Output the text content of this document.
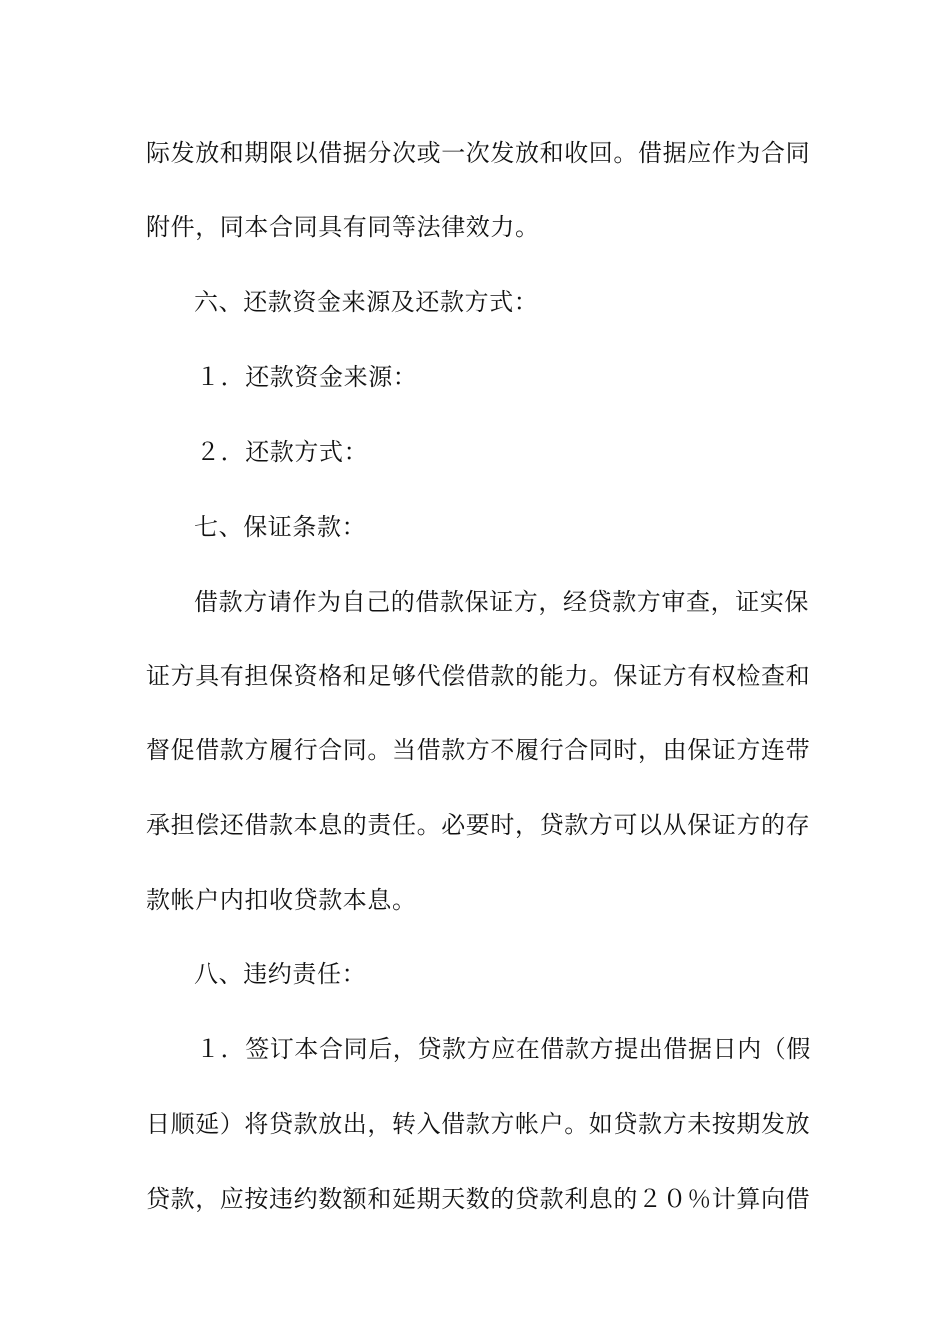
际发放和期限以借据分次或一次发放和收回。借据应作为合同
附件，同本合同具有同等法律效力。
六、还款资金来源及还款方式：
１．还款资金来源：
２．还款方式：
七、保证条款：
借款方请作为自己的借款保证方，经贷款方审查，证实保
证方具有担保资格和足够代偿借款的能力。保证方有权检查和
督促借款方履行合同。当借款方不履行合同时，由保证方连带
承担偿还借款本息的责任。必要时，贷款方可以从保证方的存
款帐户内扣收贷款本息。
八、违约责任：
１．签订本合同后，贷款方应在借款方提出借据日内（假
日顺延）将贷款放出，转入借款方帐户。如贷款方未按期发放
贷款，应按违约数额和延期天数的贷款利息的２０％计算向借
